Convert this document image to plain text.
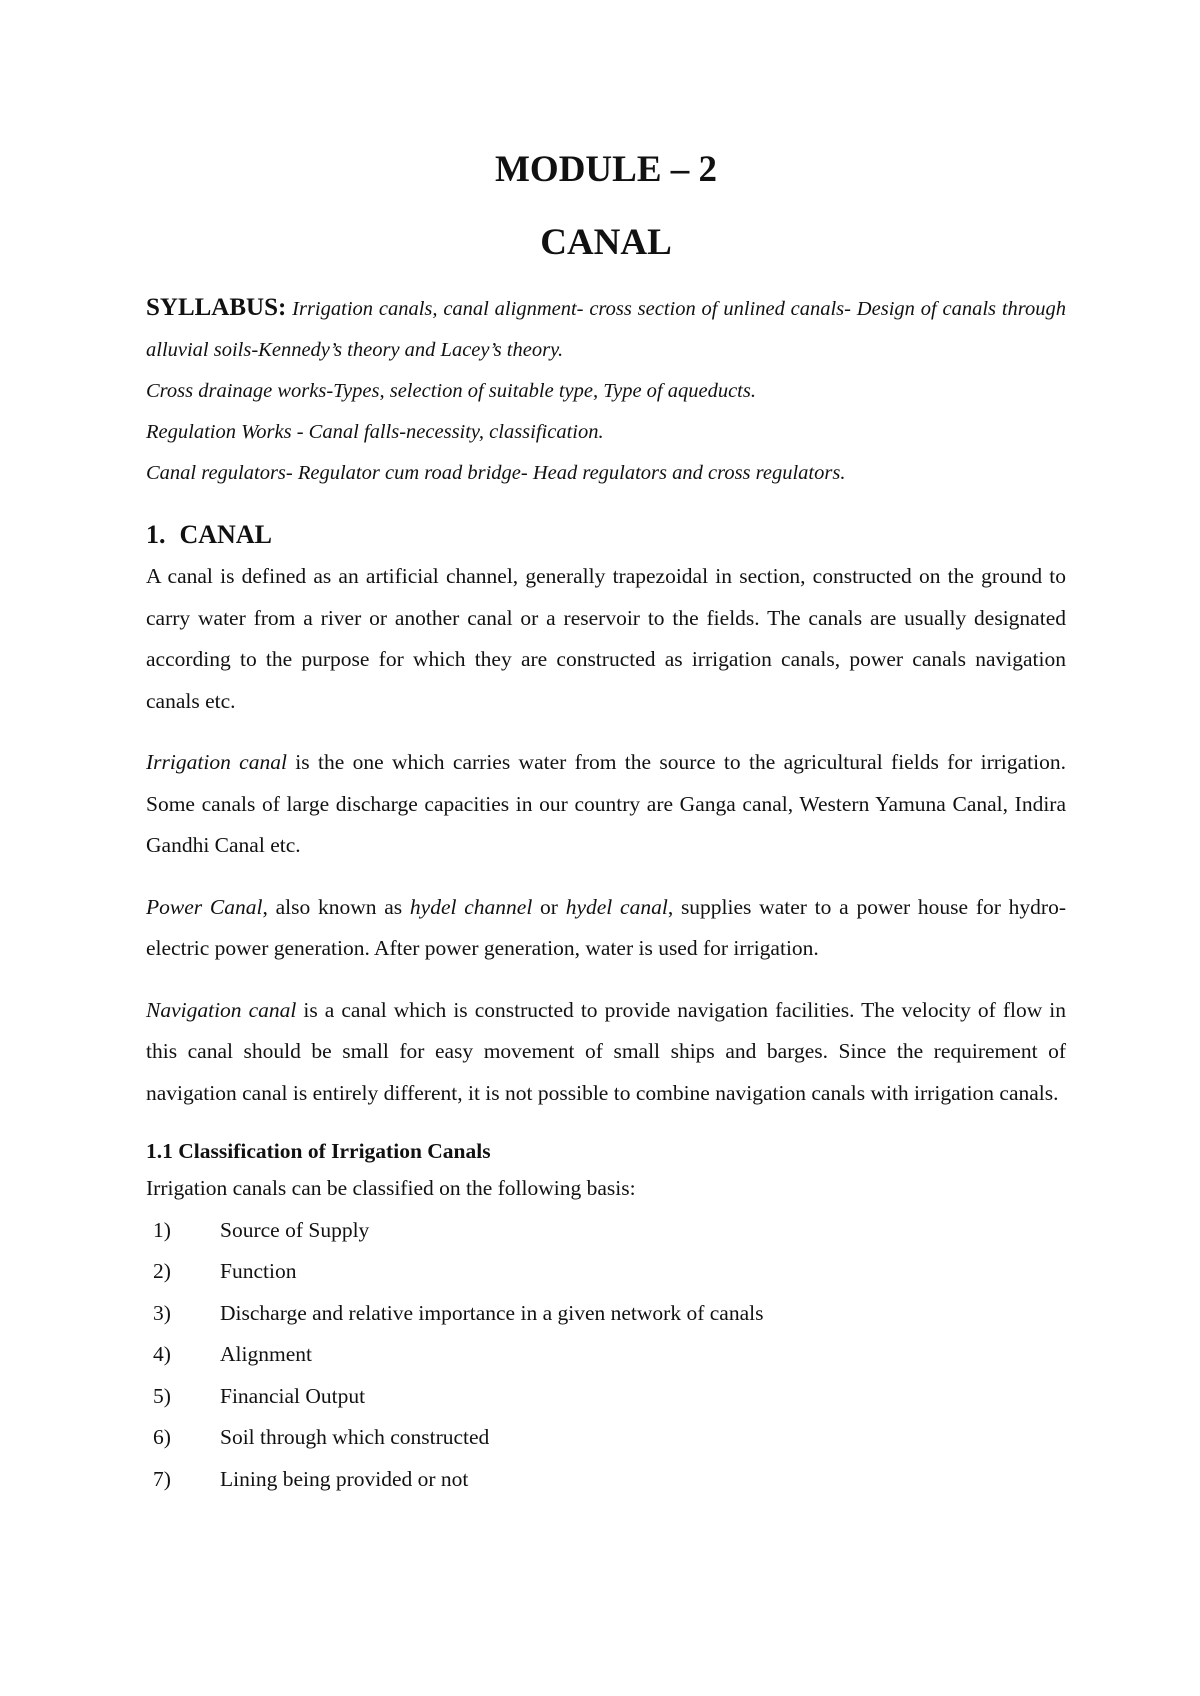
MODULE – 2
CANAL
SYLLABUS: Irrigation canals, canal alignment- cross section of unlined canals- Design of canals through alluvial soils-Kennedy’s theory and Lacey’s theory.
Cross drainage works-Types, selection of suitable type, Type of aqueducts.
Regulation Works - Canal falls-necessity, classification.
Canal regulators- Regulator cum road bridge- Head regulators and cross regulators.
1. CANAL

A canal is defined as an artificial channel, generally trapezoidal in section, constructed on the ground to carry water from a river or another canal or a reservoir to the fields. The canals are usually designated according to the purpose for which they are constructed as irrigation canals, power canals navigation canals etc.

Irrigation canal is the one which carries water from the source to the agricultural fields for irrigation. Some canals of large discharge capacities in our country are Ganga canal, Western Yamuna Canal, Indira Gandhi Canal etc.

Power Canal, also known as hydel channel or hydel canal, supplies water to a power house for hydro-electric power generation. After power generation, water is used for irrigation.

Navigation canal is a canal which is constructed to provide navigation facilities. The velocity of flow in this canal should be small for easy movement of small ships and barges. Since the requirement of navigation canal is entirely different, it is not possible to combine navigation canals with irrigation canals.

1.1 Classification of Irrigation Canals
Irrigation canals can be classified on the following basis:
1) Source of Supply
2) Function
3) Discharge and relative importance in a given network of canals
4) Alignment
5) Financial Output
6) Soil through which constructed
7) Lining being provided or not
